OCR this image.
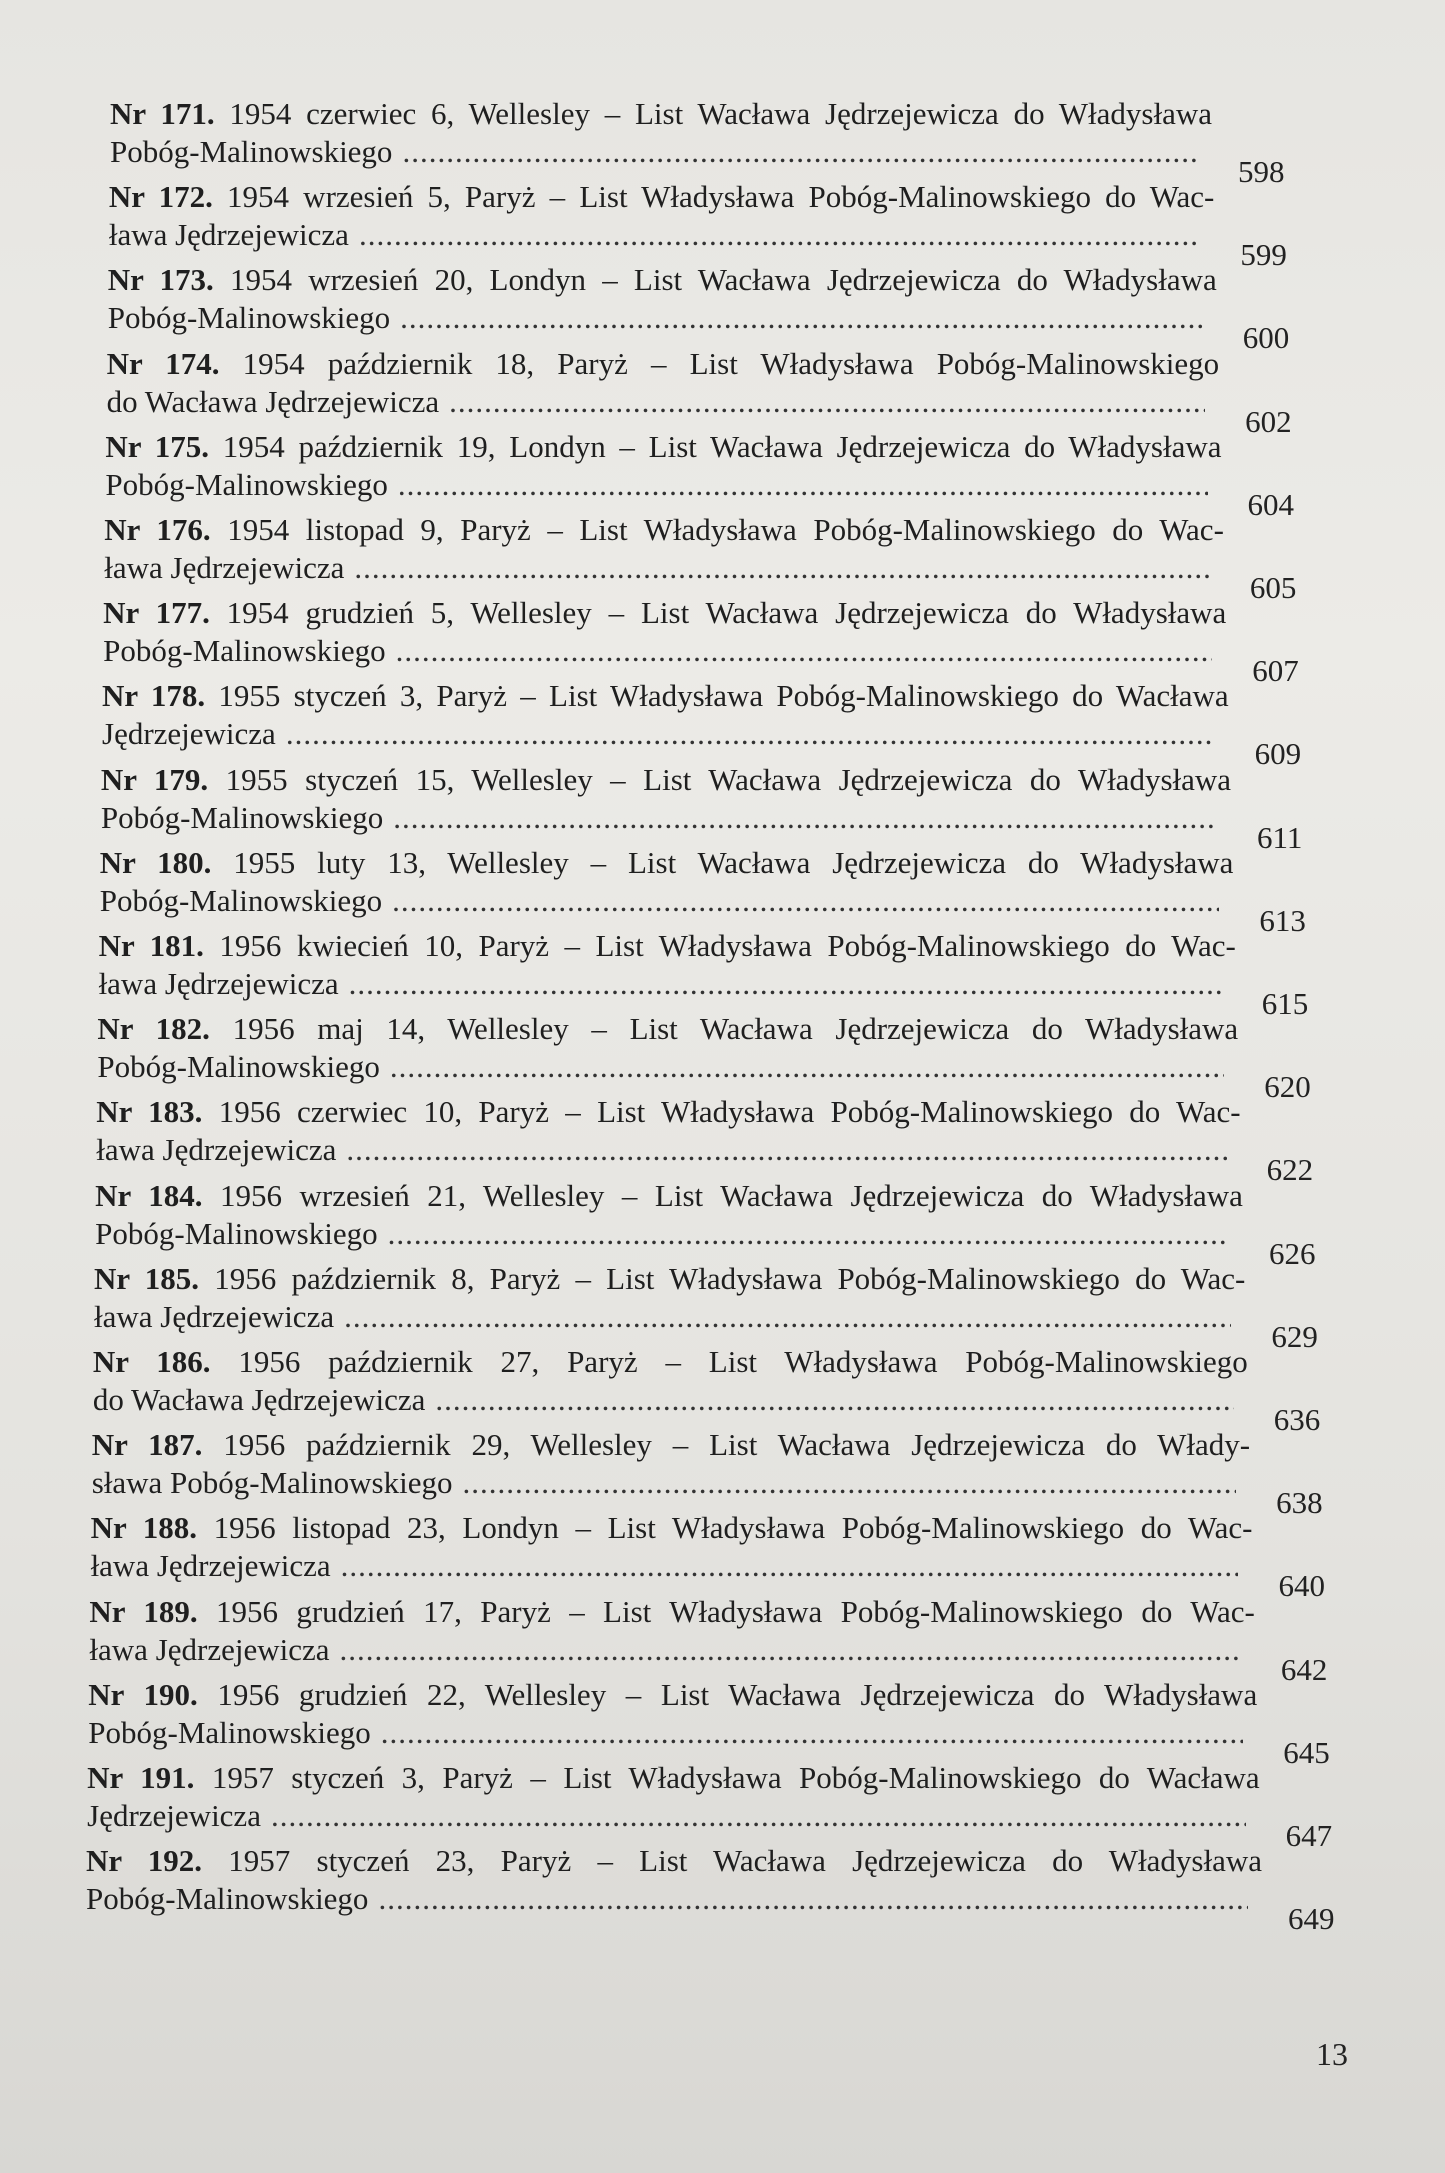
Nr 171. 1954 czerwiec 6, Wellesley – List Wacława Jędrzejewicza do Władysława
Pobóg-Malinowskiego
.....
598
Nr 172. 1954 wrzesień 5, Paryż – List Władysława Pobóg-Malinowskiego do Wac-
ława Jędrzejewicza
.....
599
Nr 173. 1954 wrzesień 20, Londyn – List Wacława Jędrzejewicza do Władysława
Pobóg-Malinowskiego
.....
600
Nr 174. 1954 październik 18, Paryż – List Władysława Pobóg-Malinowskiego
do Wacława Jędrzejewicza
.....
602
Nr 175. 1954 październik 19, Londyn – List Wacława Jędrzejewicza do Władysława
Pobóg-Malinowskiego
.....
604
Nr 176. 1954 listopad 9, Paryż – List Władysława Pobóg-Malinowskiego do Wac-
ława Jędrzejewicza
.....
605
Nr 177. 1954 grudzień 5, Wellesley – List Wacława Jędrzejewicza do Władysława
Pobóg-Malinowskiego
.....
607
Nr 178. 1955 styczeń 3, Paryż – List Władysława Pobóg-Malinowskiego do Wacława
Jędrzejewicza
.....
609
Nr 179. 1955 styczeń 15, Wellesley – List Wacława Jędrzejewicza do Władysława
Pobóg-Malinowskiego
.....
611
Nr 180. 1955 luty 13, Wellesley – List Wacława Jędrzejewicza do Władysława
Pobóg-Malinowskiego
.....
613
Nr 181. 1956 kwiecień 10, Paryż – List Władysława Pobóg-Malinowskiego do Wac-
ława Jędrzejewicza
.....
615
Nr 182. 1956 maj 14, Wellesley – List Wacława Jędrzejewicza do Władysława
Pobóg-Malinowskiego
.....
620
Nr 183. 1956 czerwiec 10, Paryż – List Władysława Pobóg-Malinowskiego do Wac-
ława Jędrzejewicza
.....
622
Nr 184. 1956 wrzesień 21, Wellesley – List Wacława Jędrzejewicza do Władysława
Pobóg-Malinowskiego
.....
626
Nr 185. 1956 październik 8, Paryż – List Władysława Pobóg-Malinowskiego do Wac-
ława Jędrzejewicza
.....
629
Nr 186. 1956 październik 27, Paryż – List Władysława Pobóg-Malinowskiego
do Wacława Jędrzejewicza
.....
636
Nr 187. 1956 październik 29, Wellesley – List Wacława Jędrzejewicza do Włady-
sława Pobóg-Malinowskiego
.....
638
Nr 188. 1956 listopad 23, Londyn – List Władysława Pobóg-Malinowskiego do Wac-
ława Jędrzejewicza
.....
640
Nr 189. 1956 grudzień 17, Paryż – List Władysława Pobóg-Malinowskiego do Wac-
ława Jędrzejewicza
.....
642
Nr 190. 1956 grudzień 22, Wellesley – List Wacława Jędrzejewicza do Władysława
Pobóg-Malinowskiego
.....
645
Nr 191. 1957 styczeń 3, Paryż – List Władysława Pobóg-Malinowskiego do Wacława
Jędrzejewicza
.....
647
Nr 192. 1957 styczeń 23, Paryż – List Wacława Jędrzejewicza do Władysława
Pobóg-Malinowskiego
.....
649
13
